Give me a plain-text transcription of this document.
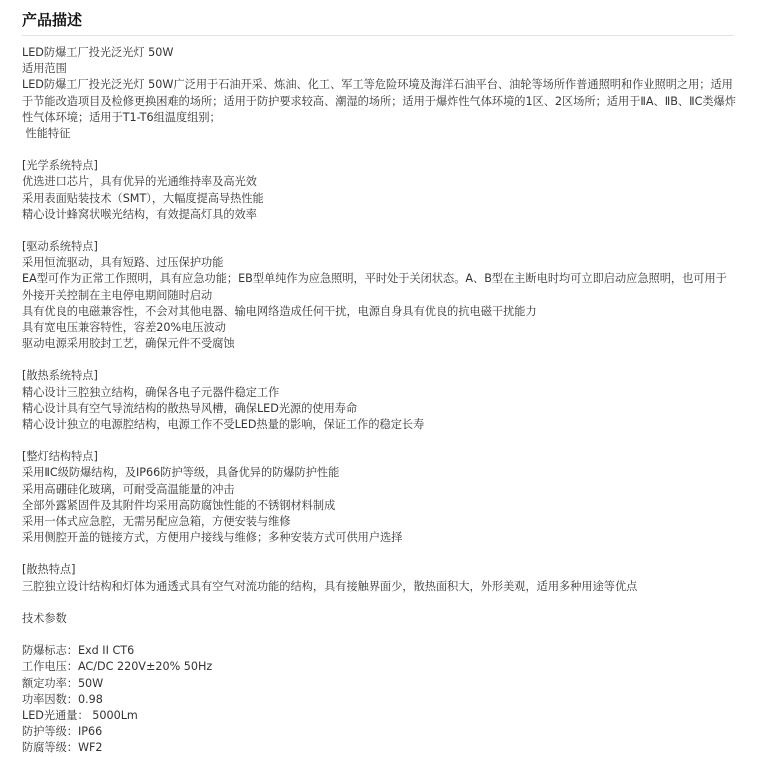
产品描述

LED防爆工厂投光泛光灯 50W

适用范围

LED防爆工厂投光泛光灯 50W广泛用于石油开采、炼油、化工、军工等危险环境及海洋石油平台、油轮等场所作普通照明和作业照明之用；适用于节能改造项目及检修更换困难的场所；适用于防护要求较高、潮湿的场所；适用于爆炸性气体环境的1区、2区场所；适用于ⅡA、ⅡB、ⅡC类爆炸性气体环境；适用于T1-T6组温度组别；

性能特征

[光学系统特点]

优选进口芯片，具有优异的光通维持率及高光效

采用表面贴装技术（SMT），大幅度提高导热性能

精心设计蜂窝状喉光结构，有效提高灯具的效率

[驱动系统特点]

采用恒流驱动，具有短路、过压保护功能

EA型可作为正常工作照明，具有应急功能；EB型单纯作为应急照明，平时处于关闭状态。A、B型在主断电时均可立即启动应急照明，也可用于外接开关控制在主电停电期间随时启动

具有优良的电磁兼容性，不会对其他电器、输电网络造成任何干扰，电源自身具有优良的抗电磁干扰能力

具有宽电压兼容特性，容差20%电压波动

驱动电源采用胶封工艺，确保元件不受腐蚀

[散热系统特点]

精心设计三腔独立结构，确保各电子元器件稳定工作

精心设计具有空气导流结构的散热导风槽，确保LED光源的使用寿命

精心设计独立的电源腔结构，电源工作不受LED热量的影响，保证工作的稳定长寿

[整灯结构特点]

采用ⅡC级防爆结构，及IP66防护等级，具备优异的防爆防护性能

采用高硼硅化玻璃，可耐受高温能量的冲击

全部外露紧固件及其附件均采用高防腐蚀性能的不锈钢材料制成

采用一体式应急腔，无需另配应急箱，方便安装与维修

采用侧腔开盖的链接方式，方便用户接线与维修；多种安装方式可供用户选择

[散热特点]

三腔独立设计结构和灯体为通透式具有空气对流功能的结构，具有接触界面少，散热面积大，外形美观，适用多种用途等优点

技术参数

防爆标志：Exd II CT6

工作电压：AC/DC 220V±20% 50Hz

额定功率：50W

功率因数：0.98

LED光通量： 5000Lm

防护等级：IP66

防腐等级：WF2
